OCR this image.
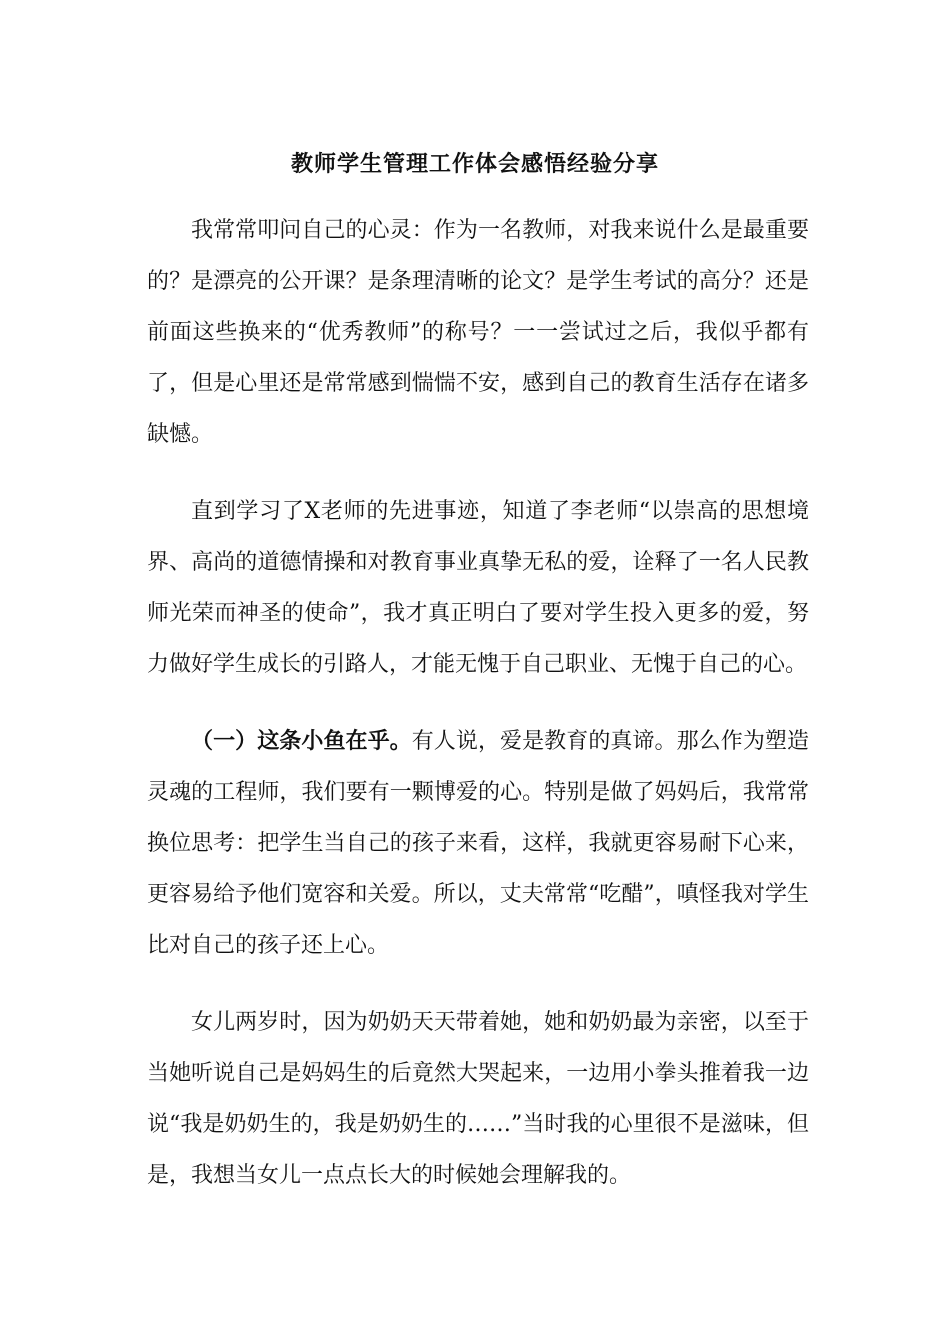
教师学生管理工作体会感悟经验分享

我常常叩问自己的心灵：作为一名教师，对我来说什么是最重要的？是漂亮的公开课？是条理清晰的论文？是学生考试的高分？还是前面这些换来的“优秀教师”的称号？一一尝试过之后，我似乎都有了，但是心里还是常常感到惴惴不安，感到自己的教育生活存在诸多缺憾。

直到学习了X老师的先进事迹，知道了李老师“以崇高的思想境界、高尚的道德情操和对教育事业真挚无私的爱，诠释了一名人民教师光荣而神圣的使命”，我才真正明白了要对学生投入更多的爱，努力做好学生成长的引路人，才能无愧于自己职业、无愧于自己的心。

（一）这条小鱼在乎。有人说，爱是教育的真谛。那么作为塑造灵魂的工程师，我们要有一颗博爱的心。特别是做了妈妈后，我常常换位思考：把学生当自己的孩子来看，这样，我就更容易耐下心来，更容易给予他们宽容和关爱。所以，丈夫常常“吃醋”，嗔怪我对学生比对自己的孩子还上心。

女儿两岁时，因为奶奶天天带着她，她和奶奶最为亲密，以至于当她听说自己是妈妈生的后竟然大哭起来，一边用小拳头推着我一边说“我是奶奶生的，我是奶奶生的……”当时我的心里很不是滋味，但是，我想当女儿一点点长大的时候她会理解我的。
